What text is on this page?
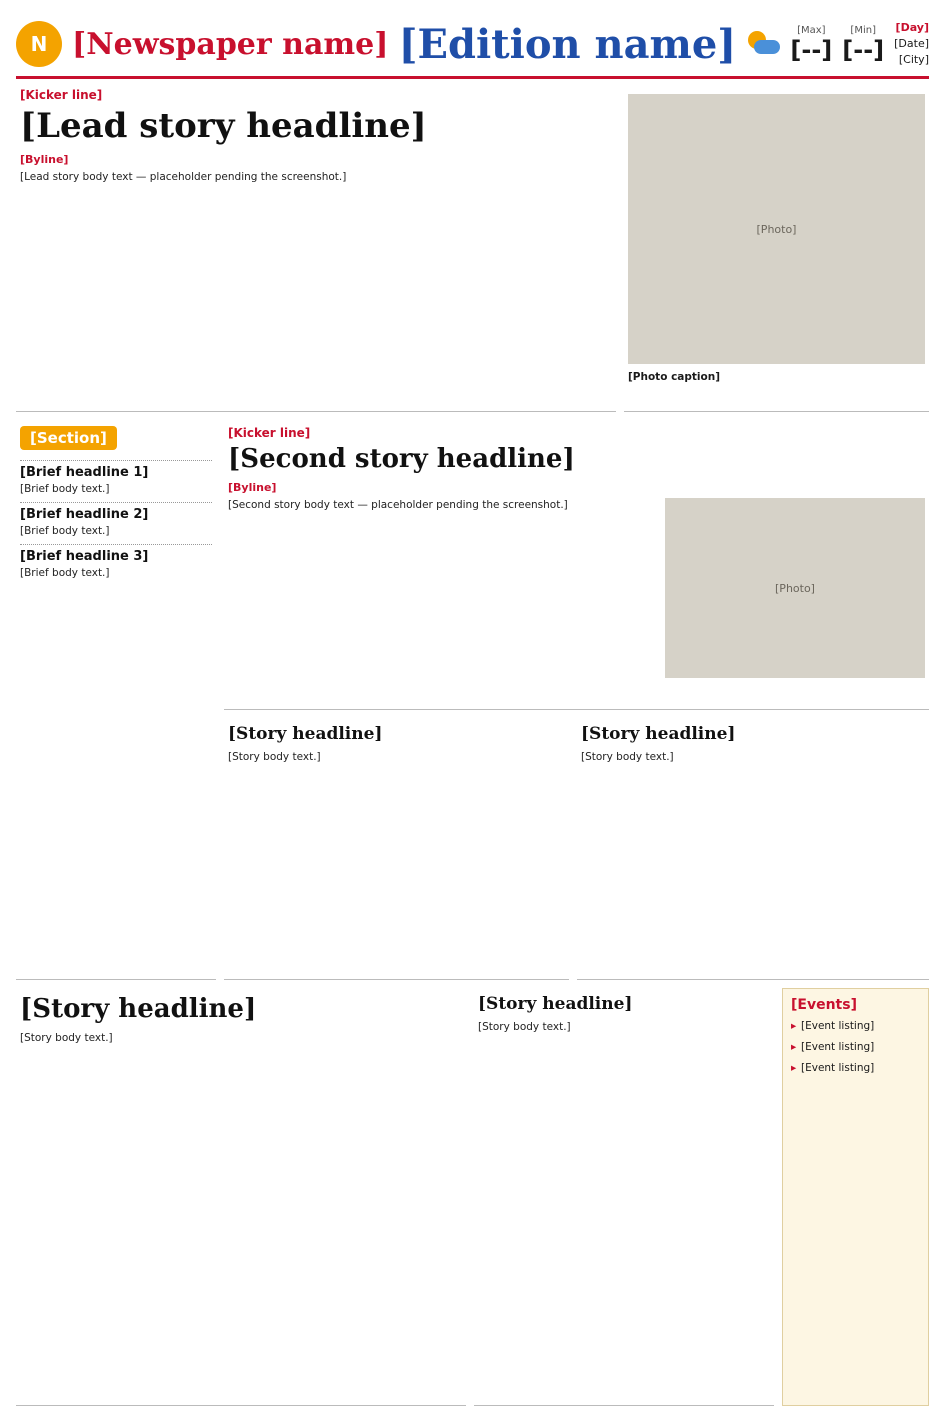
N [Newspaper name] [Edition name]	[Max]
[--]
[Min]
[--]
[Day]
[Date]
[City]
[Kicker line]
[Lead story headline]
[Byline]
[Lead story body text — placeholder pending the screenshot.]
[Photo]
[Photo caption]
[Section]
[Brief headline 1]
[Brief body text.]
[Brief headline 2]
[Brief body text.]
[Brief headline 3]
[Brief body text.]
[Kicker line]
[Second story headline]
[Byline]
[Second story body text — placeholder pending the screenshot.]
[Photo]
[Story headline]
[Story body text.]
[Story headline]
[Story body text.]
[Story headline]
[Story body text.]
[Story headline]
[Story body text.]
[Events]
▸ [Event listing]
▸ [Event listing]
▸ [Event listing]
